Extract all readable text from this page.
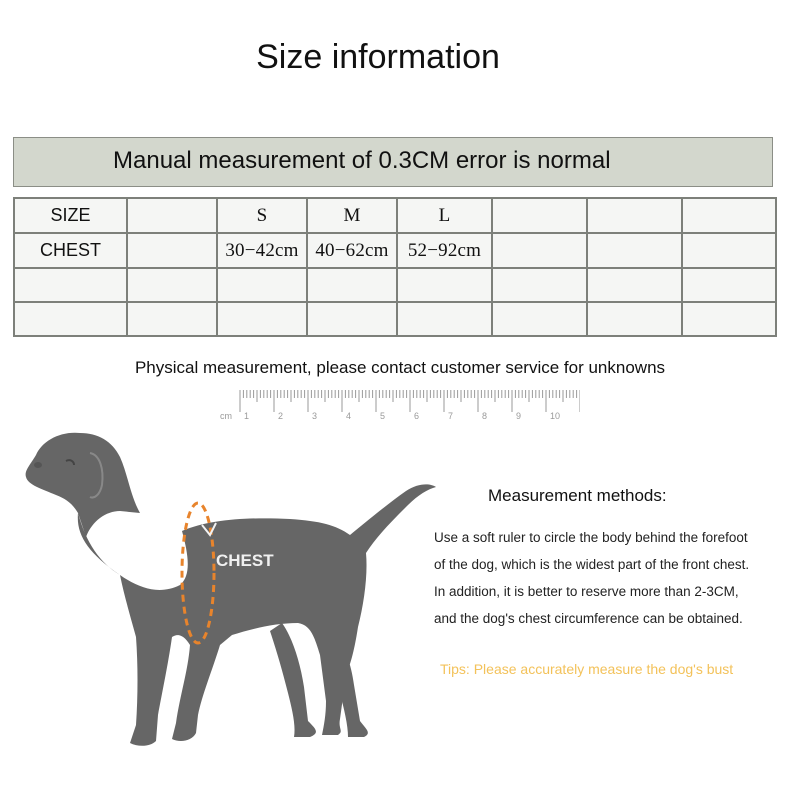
Size information
Manual measurement of 0.3CM error is normal
SIZE		S	M	L			
CHEST		30−42cm	40−62cm	52−92cm			

Physical measurement, please contact customer service for unknowns
cm 1	2	3	4	5	6	7	8	9	10
CHEST
Measurement methods:
Use a soft ruler to circle the body behind the forefoot
of the dog, which is the widest part of the front chest.
In addition, it is better to reserve more than 2-3CM,
and the dog's chest circumference can be obtained.
Tips: Please accurately measure the dog's bust
